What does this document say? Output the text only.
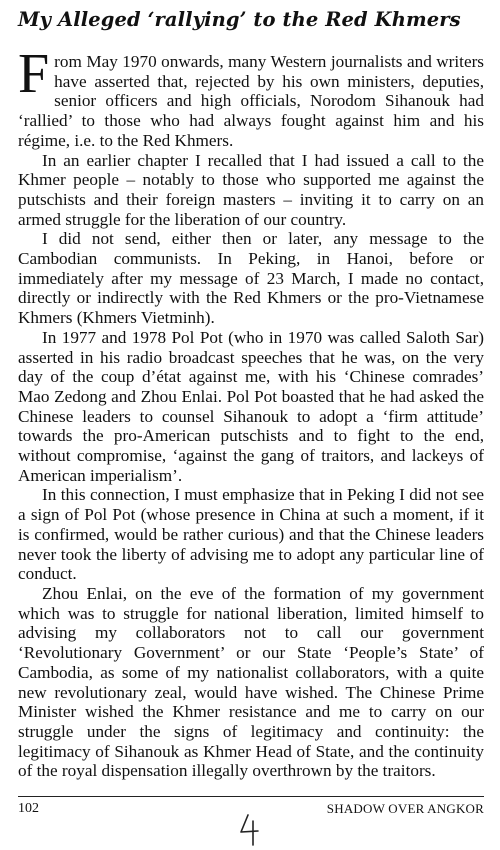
My Alleged ‘rallying’ to the Red Khmers

From May 1970 onwards, many Western journalists and writers have asserted that, rejected by his own ministers, deputies, senior officers and high officials, Norodom Sihanouk had ‘rallied’ to those who had always fought against him and his régime, i.e. to the Red Khmers.

In an earlier chapter I recalled that I had issued a call to the Khmer people – notably to those who supported me against the putschists and their foreign masters – inviting it to carry on an armed struggle for the liberation of our country.

I did not send, either then or later, any message to the Cambodian communists. In Peking, in Hanoi, before or immediately after my message of 23 March, I made no contact, directly or indirectly with the Red Khmers or the pro-Vietnamese Khmers (Khmers Vietminh).

In 1977 and 1978 Pol Pot (who in 1970 was called Saloth Sar) asserted in his radio broadcast speeches that he was, on the very day of the coup d’état against me, with his ‘Chinese comrades’ Mao Zedong and Zhou Enlai. Pol Pot boasted that he had asked the Chinese leaders to counsel Sihanouk to adopt a ‘firm attitude’ towards the pro-American putschists and to fight to the end, without compromise, ‘against the gang of traitors, and lackeys of American imperialism’.

In this connection, I must emphasize that in Peking I did not see a sign of Pol Pot (whose presence in China at such a moment, if it is confirmed, would be rather curious) and that the Chinese leaders never took the liberty of advising me to adopt any particular line of conduct.

Zhou Enlai, on the eve of the formation of my government which was to struggle for national liberation, limited himself to advising my collaborators not to call our government ‘Revolutionary Government’ or our State ‘People’s State’ of Cambodia, as some of my nationalist collaborators, with a quite new revolutionary zeal, would have wished. The Chinese Prime Minister wished the Khmer resistance and me to carry on our struggle under the signs of legitimacy and continuity: the legitimacy of Sihanouk as Khmer Head of State, and the continuity of the royal dispensation illegally overthrown by the traitors.

102	SHADOW OVER ANGKOR
